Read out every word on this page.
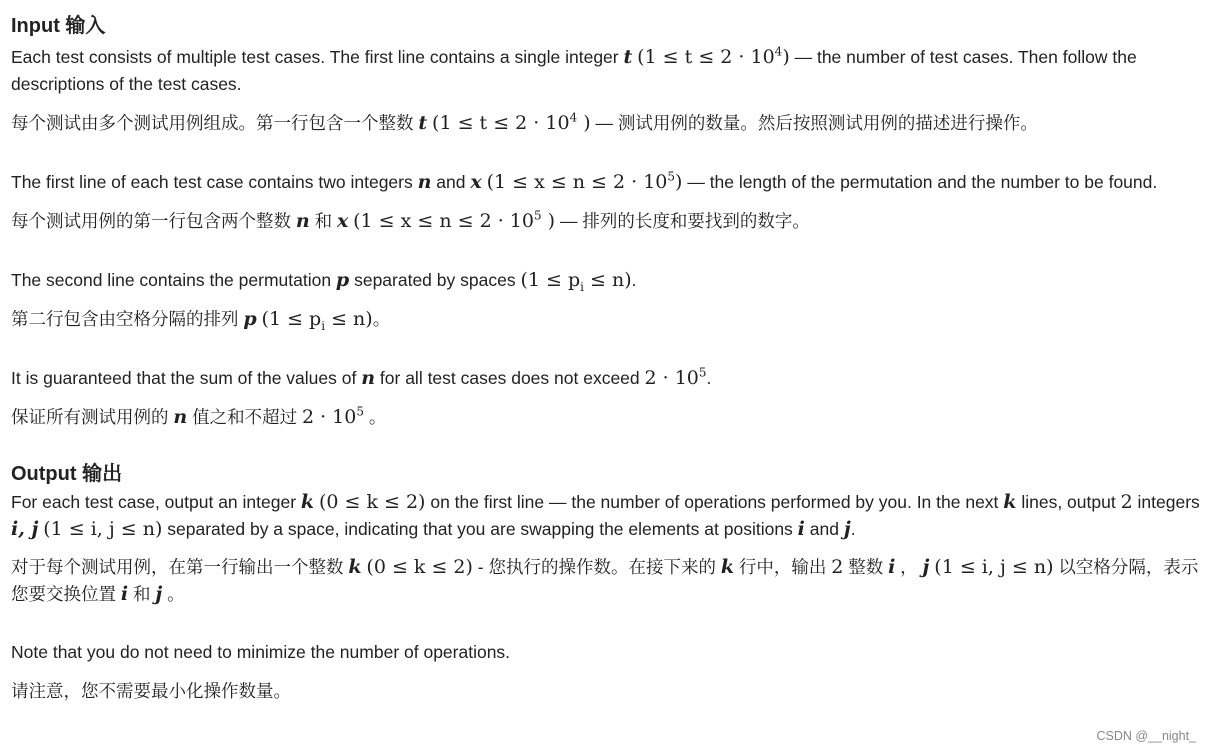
Input 输入

Each test consists of multiple test cases. The first line contains a single integer t $(1 \le t \le 2 \cdot 10^4)$ — the number of test cases. Then follow the descriptions of the test cases.

每个测试由多个测试用例组成。第一行包含一个整数 t ($1 \le t \le 2 \cdot 10^4$ ) — 测试用例的数量。然后按照测试用例的描述进行操作。

The first line of each test case contains two integers n and x $(1 \le x \le n \le 2 \cdot 10^5)$ — the length of the permutation and the number to be found.

每个测试用例的第一行包含两个整数 n 和 x ($1 \le x \le n \le 2 \cdot 10^5$ ) — 排列的长度和要找到的数字。

The second line contains the permutation p separated by spaces $(1 \le p_i \le n)$.

第二行包含由空格分隔的排列 p $(1 \le p_i \le n)$。

It is guaranteed that the sum of the values of n for all test cases does not exceed $2 \cdot 10^5$.

保证所有测试用例的 n 值之和不超过 $2 \cdot 10^5$ 。

Output 输出

For each test case, output an integer k (0 ≤ k ≤ 2) on the first line — the number of operations performed by you. In the next k lines, output 2 integers i, j (1 ≤ i, j ≤ n) separated by a space, indicating that you are swapping the elements at positions i and j.

对于每个测试用例，在第一行输出一个整数 k (0 ≤ k ≤ 2) - 您执行的操作数。在接下来的 k 行中，输出 2 整数 i ， j (1 ≤ i, j ≤ n) 以空格分隔，表示您要交换位置 i 和 j 。

Note that you do not need to minimize the number of operations.

请注意，您不需要最小化操作数量。

CSDN @__night_
